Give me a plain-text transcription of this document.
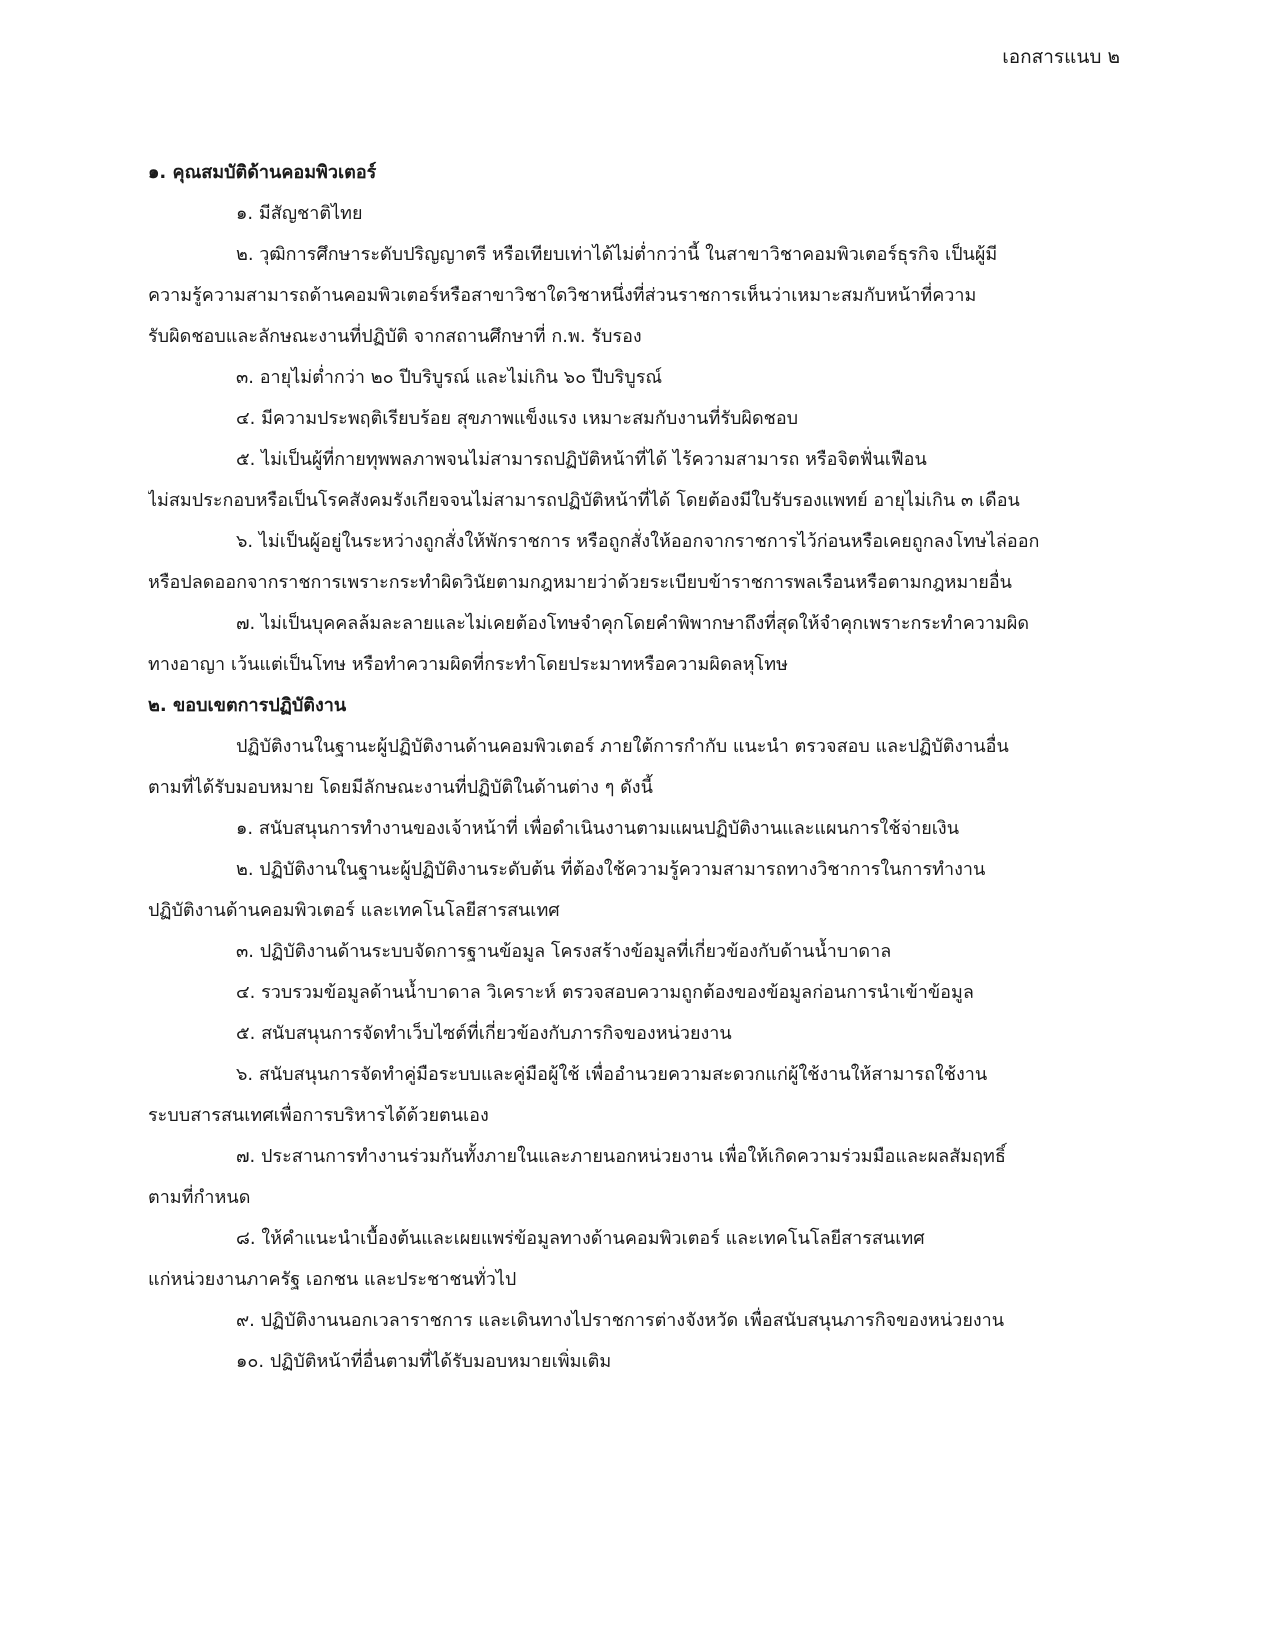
เอกสารแนบ ๒
๑. คุณสมบัติด้านคอมพิวเตอร์
๑. มีสัญชาติไทย
๒. วุฒิการศึกษาระดับปริญญาตรี หรือเทียบเท่าได้ไม่ต่ำกว่านี้ ในสาขาวิชาคอมพิวเตอร์ธุรกิจ เป็นผู้มี
ความรู้ความสามารถด้านคอมพิวเตอร์หรือสาขาวิชาใดวิชาหนึ่งที่ส่วนราชการเห็นว่าเหมาะสมกับหน้าที่ความ
รับผิดชอบและลักษณะงานที่ปฏิบัติ จากสถานศึกษาที่ ก.พ. รับรอง
๓. อายุไม่ต่ำกว่า ๒๐ ปีบริบูรณ์ และไม่เกิน ๖๐ ปีบริบูรณ์
๔. มีความประพฤติเรียบร้อย สุขภาพแข็งแรง เหมาะสมกับงานที่รับผิดชอบ
๕. ไม่เป็นผู้ที่กายทุพพลภาพจนไม่สามารถปฏิบัติหน้าที่ได้ ไร้ความสามารถ หรือจิตฟั่นเฟือน
ไม่สมประกอบหรือเป็นโรคสังคมรังเกียจจนไม่สามารถปฏิบัติหน้าที่ได้ โดยต้องมีใบรับรองแพทย์ อายุไม่เกิน ๓ เดือน
๖. ไม่เป็นผู้อยู่ในระหว่างถูกสั่งให้พักราชการ หรือถูกสั่งให้ออกจากราชการไว้ก่อนหรือเคยถูกลงโทษไล่ออก
หรือปลดออกจากราชการเพราะกระทำผิดวินัยตามกฎหมายว่าด้วยระเบียบข้าราชการพลเรือนหรือตามกฎหมายอื่น
๗. ไม่เป็นบุคคลล้มละลายและไม่เคยต้องโทษจำคุกโดยคำพิพากษาถึงที่สุดให้จำคุกเพราะกระทำความผิด
ทางอาญา เว้นแต่เป็นโทษ หรือทำความผิดที่กระทำโดยประมาทหรือความผิดลหุโทษ
๒. ขอบเขตการปฏิบัติงาน
ปฏิบัติงานในฐานะผู้ปฏิบัติงานด้านคอมพิวเตอร์ ภายใต้การกำกับ แนะนำ ตรวจสอบ และปฏิบัติงานอื่น
ตามที่ได้รับมอบหมาย โดยมีลักษณะงานที่ปฏิบัติในด้านต่าง ๆ ดังนี้
๑. สนับสนุนการทำงานของเจ้าหน้าที่ เพื่อดำเนินงานตามแผนปฏิบัติงานและแผนการใช้จ่ายเงิน
๒. ปฏิบัติงานในฐานะผู้ปฏิบัติงานระดับต้น ที่ต้องใช้ความรู้ความสามารถทางวิชาการในการทำงาน
ปฏิบัติงานด้านคอมพิวเตอร์ และเทคโนโลยีสารสนเทศ
๓. ปฏิบัติงานด้านระบบจัดการฐานข้อมูล โครงสร้างข้อมูลที่เกี่ยวข้องกับด้านน้ำบาดาล
๔. รวบรวมข้อมูลด้านน้ำบาดาล วิเคราะห์ ตรวจสอบความถูกต้องของข้อมูลก่อนการนำเข้าข้อมูล
๕. สนับสนุนการจัดทำเว็บไซต์ที่เกี่ยวข้องกับภารกิจของหน่วยงาน
๖. สนับสนุนการจัดทำคู่มือระบบและคู่มือผู้ใช้ เพื่ออำนวยความสะดวกแก่ผู้ใช้งานให้สามารถใช้งาน
ระบบสารสนเทศเพื่อการบริหารได้ด้วยตนเอง
๗. ประสานการทำงานร่วมกันทั้งภายในและภายนอกหน่วยงาน เพื่อให้เกิดความร่วมมือและผลสัมฤทธิ์
ตามที่กำหนด
๘. ให้คำแนะนำเบื้องต้นและเผยแพร่ข้อมูลทางด้านคอมพิวเตอร์ และเทคโนโลยีสารสนเทศ
แก่หน่วยงานภาครัฐ เอกชน และประชาชนทั่วไป
๙. ปฏิบัติงานนอกเวลาราชการ และเดินทางไปราชการต่างจังหวัด เพื่อสนับสนุนภารกิจของหน่วยงาน
๑๐. ปฏิบัติหน้าที่อื่นตามที่ได้รับมอบหมายเพิ่มเติม
